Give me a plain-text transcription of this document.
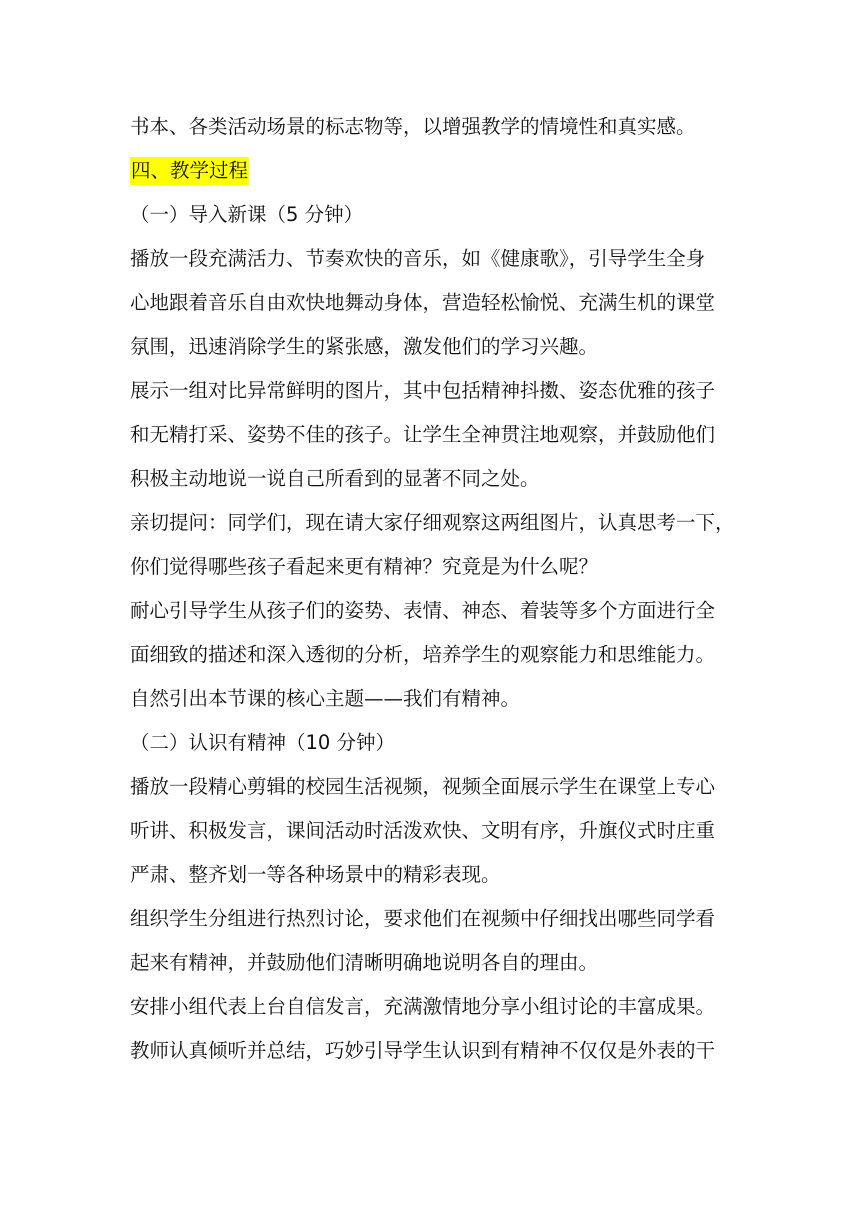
书本、各类活动场景的标志物等，以增强教学的情境性和真实感。
四、教学过程
（一）导入新课（5 分钟）
播放一段充满活力、节奏欢快的音乐，如《健康歌》，引导学生全身
心地跟着音乐自由欢快地舞动身体，营造轻松愉悦、充满生机的课堂
氛围，迅速消除学生的紧张感，激发他们的学习兴趣。
展示一组对比异常鲜明的图片，其中包括精神抖擞、姿态优雅的孩子
和无精打采、姿势不佳的孩子。让学生全神贯注地观察，并鼓励他们
积极主动地说一说自己所看到的显著不同之处。
亲切提问：同学们，现在请大家仔细观察这两组图片，认真思考一下，
你们觉得哪些孩子看起来更有精神？究竟是为什么呢？
耐心引导学生从孩子们的姿势、表情、神态、着装等多个方面进行全
面细致的描述和深入透彻的分析，培养学生的观察能力和思维能力。
自然引出本节课的核心主题——我们有精神。
（二）认识有精神（10 分钟）
播放一段精心剪辑的校园生活视频，视频全面展示学生在课堂上专心
听讲、积极发言，课间活动时活泼欢快、文明有序，升旗仪式时庄重
严肃、整齐划一等各种场景中的精彩表现。
组织学生分组进行热烈讨论，要求他们在视频中仔细找出哪些同学看
起来有精神，并鼓励他们清晰明确地说明各自的理由。
安排小组代表上台自信发言，充满激情地分享小组讨论的丰富成果。
教师认真倾听并总结，巧妙引导学生认识到有精神不仅仅是外表的干
